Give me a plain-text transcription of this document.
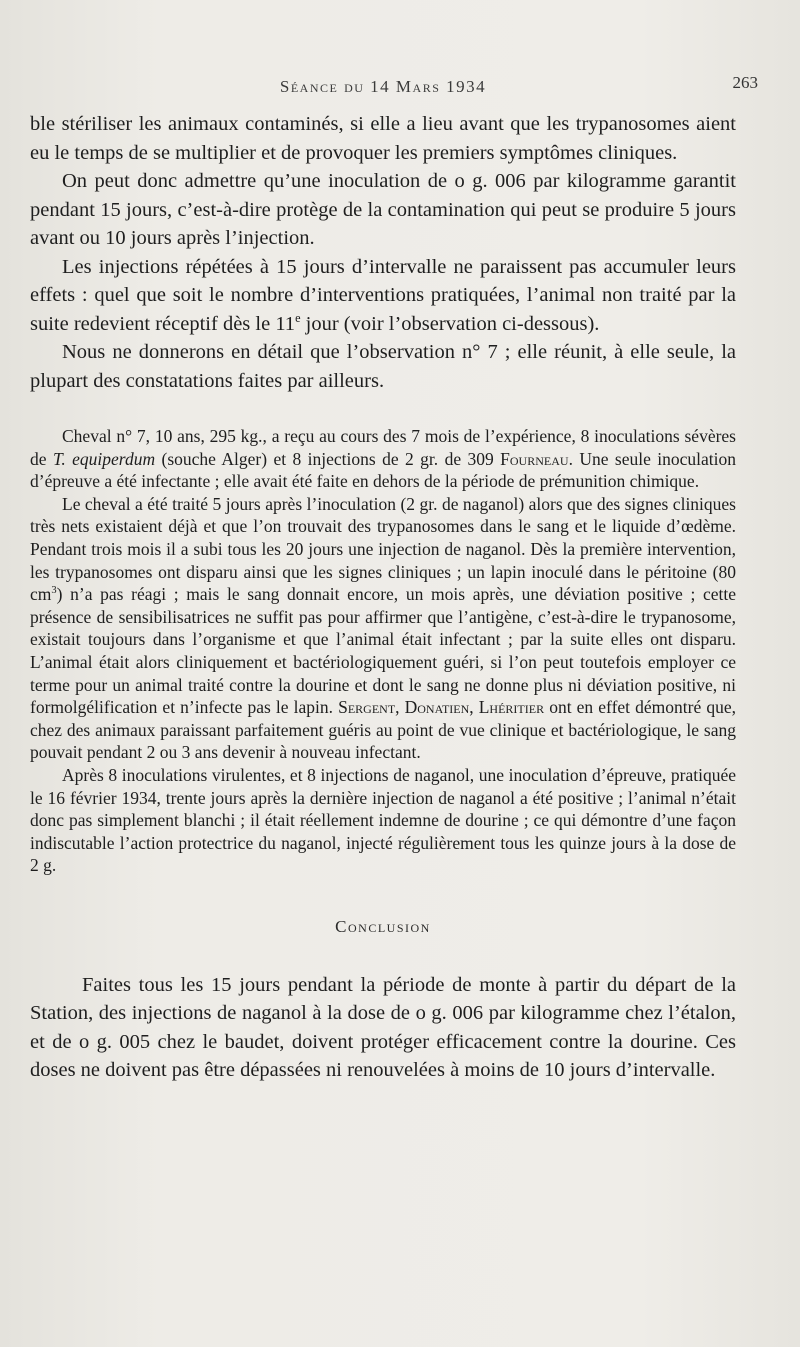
Séance du 14 Mars 1934	263

ble stériliser les animaux contaminés, si elle a lieu avant que les trypanosomes aient eu le temps de se multiplier et de provoquer les premiers symptômes cliniques.

On peut donc admettre qu’une inoculation de o g. 006 par kilogramme garantit pendant 15 jours, c’est-à-dire protège de la contamination qui peut se produire 5 jours avant ou 10 jours après l’injection.

Les injections répétées à 15 jours d’intervalle ne paraissent pas accumuler leurs effets : quel que soit le nombre d’interventions pratiquées, l’animal non traité par la suite redevient réceptif dès le 11e jour (voir l’observation ci-dessous).

Nous ne donnerons en détail que l’observation n° 7 ; elle réunit, à elle seule, la plupart des constatations faites par ailleurs.

Cheval n° 7, 10 ans, 295 kg., a reçu au cours des 7 mois de l’expérience, 8 inoculations sévères de T. equiperdum (souche Alger) et 8 injections de 2 gr. de 309 Fourneau. Une seule inoculation d’épreuve a été infectante ; elle avait été faite en dehors de la période de prémunition chimique.

Le cheval a été traité 5 jours après l’inoculation (2 gr. de naganol) alors que des signes cliniques très nets existaient déjà et que l’on trouvait des trypanosomes dans le sang et le liquide d’œdème. Pendant trois mois il a subi tous les 20 jours une injection de naganol. Dès la première intervention, les trypanosomes ont disparu ainsi que les signes cliniques ; un lapin inoculé dans le péritoine (80 $cm^3$) n’a pas réagi ; mais le sang donnait encore, un mois après, une déviation positive ; cette présence de sensibilisatrices ne suffit pas pour affirmer que l’antigène, c’est-à-dire le trypanosome, existait toujours dans l’organisme et que l’animal était infectant ; par la suite elles ont disparu. L’animal était alors cliniquement et bactériologiquement guéri, si l’on peut toutefois employer ce terme pour un animal traité contre la dourine et dont le sang ne donne plus ni déviation positive, ni formolgélification et n’infecte pas le lapin. Sergent, Donatien, Lhéritier ont en effet démontré que, chez des animaux paraissant parfaitement guéris au point de vue clinique et bactériologique, le sang pouvait pendant 2 ou 3 ans devenir à nouveau infectant.

Après 8 inoculations virulentes, et 8 injections de naganol, une inoculation d’épreuve, pratiquée le 16 février 1934, trente jours après la dernière injection de naganol a été positive ; l’animal n’était donc pas simplement blanchi ; il était réellement indemne de dourine ; ce qui démontre d’une façon indiscutable l’action protectrice du naganol, injecté régulièrement tous les quinze jours à la dose de 2 g.

Conclusion

Faites tous les 15 jours pendant la période de monte à partir du départ de la Station, des injections de naganol à la dose de o g. 006 par kilogramme chez l’étalon, et de o g. 005 chez le baudet, doivent protéger efficacement contre la dourine. Ces doses ne doivent pas être dépassées ni renouvelées à moins de 10 jours d’intervalle.
